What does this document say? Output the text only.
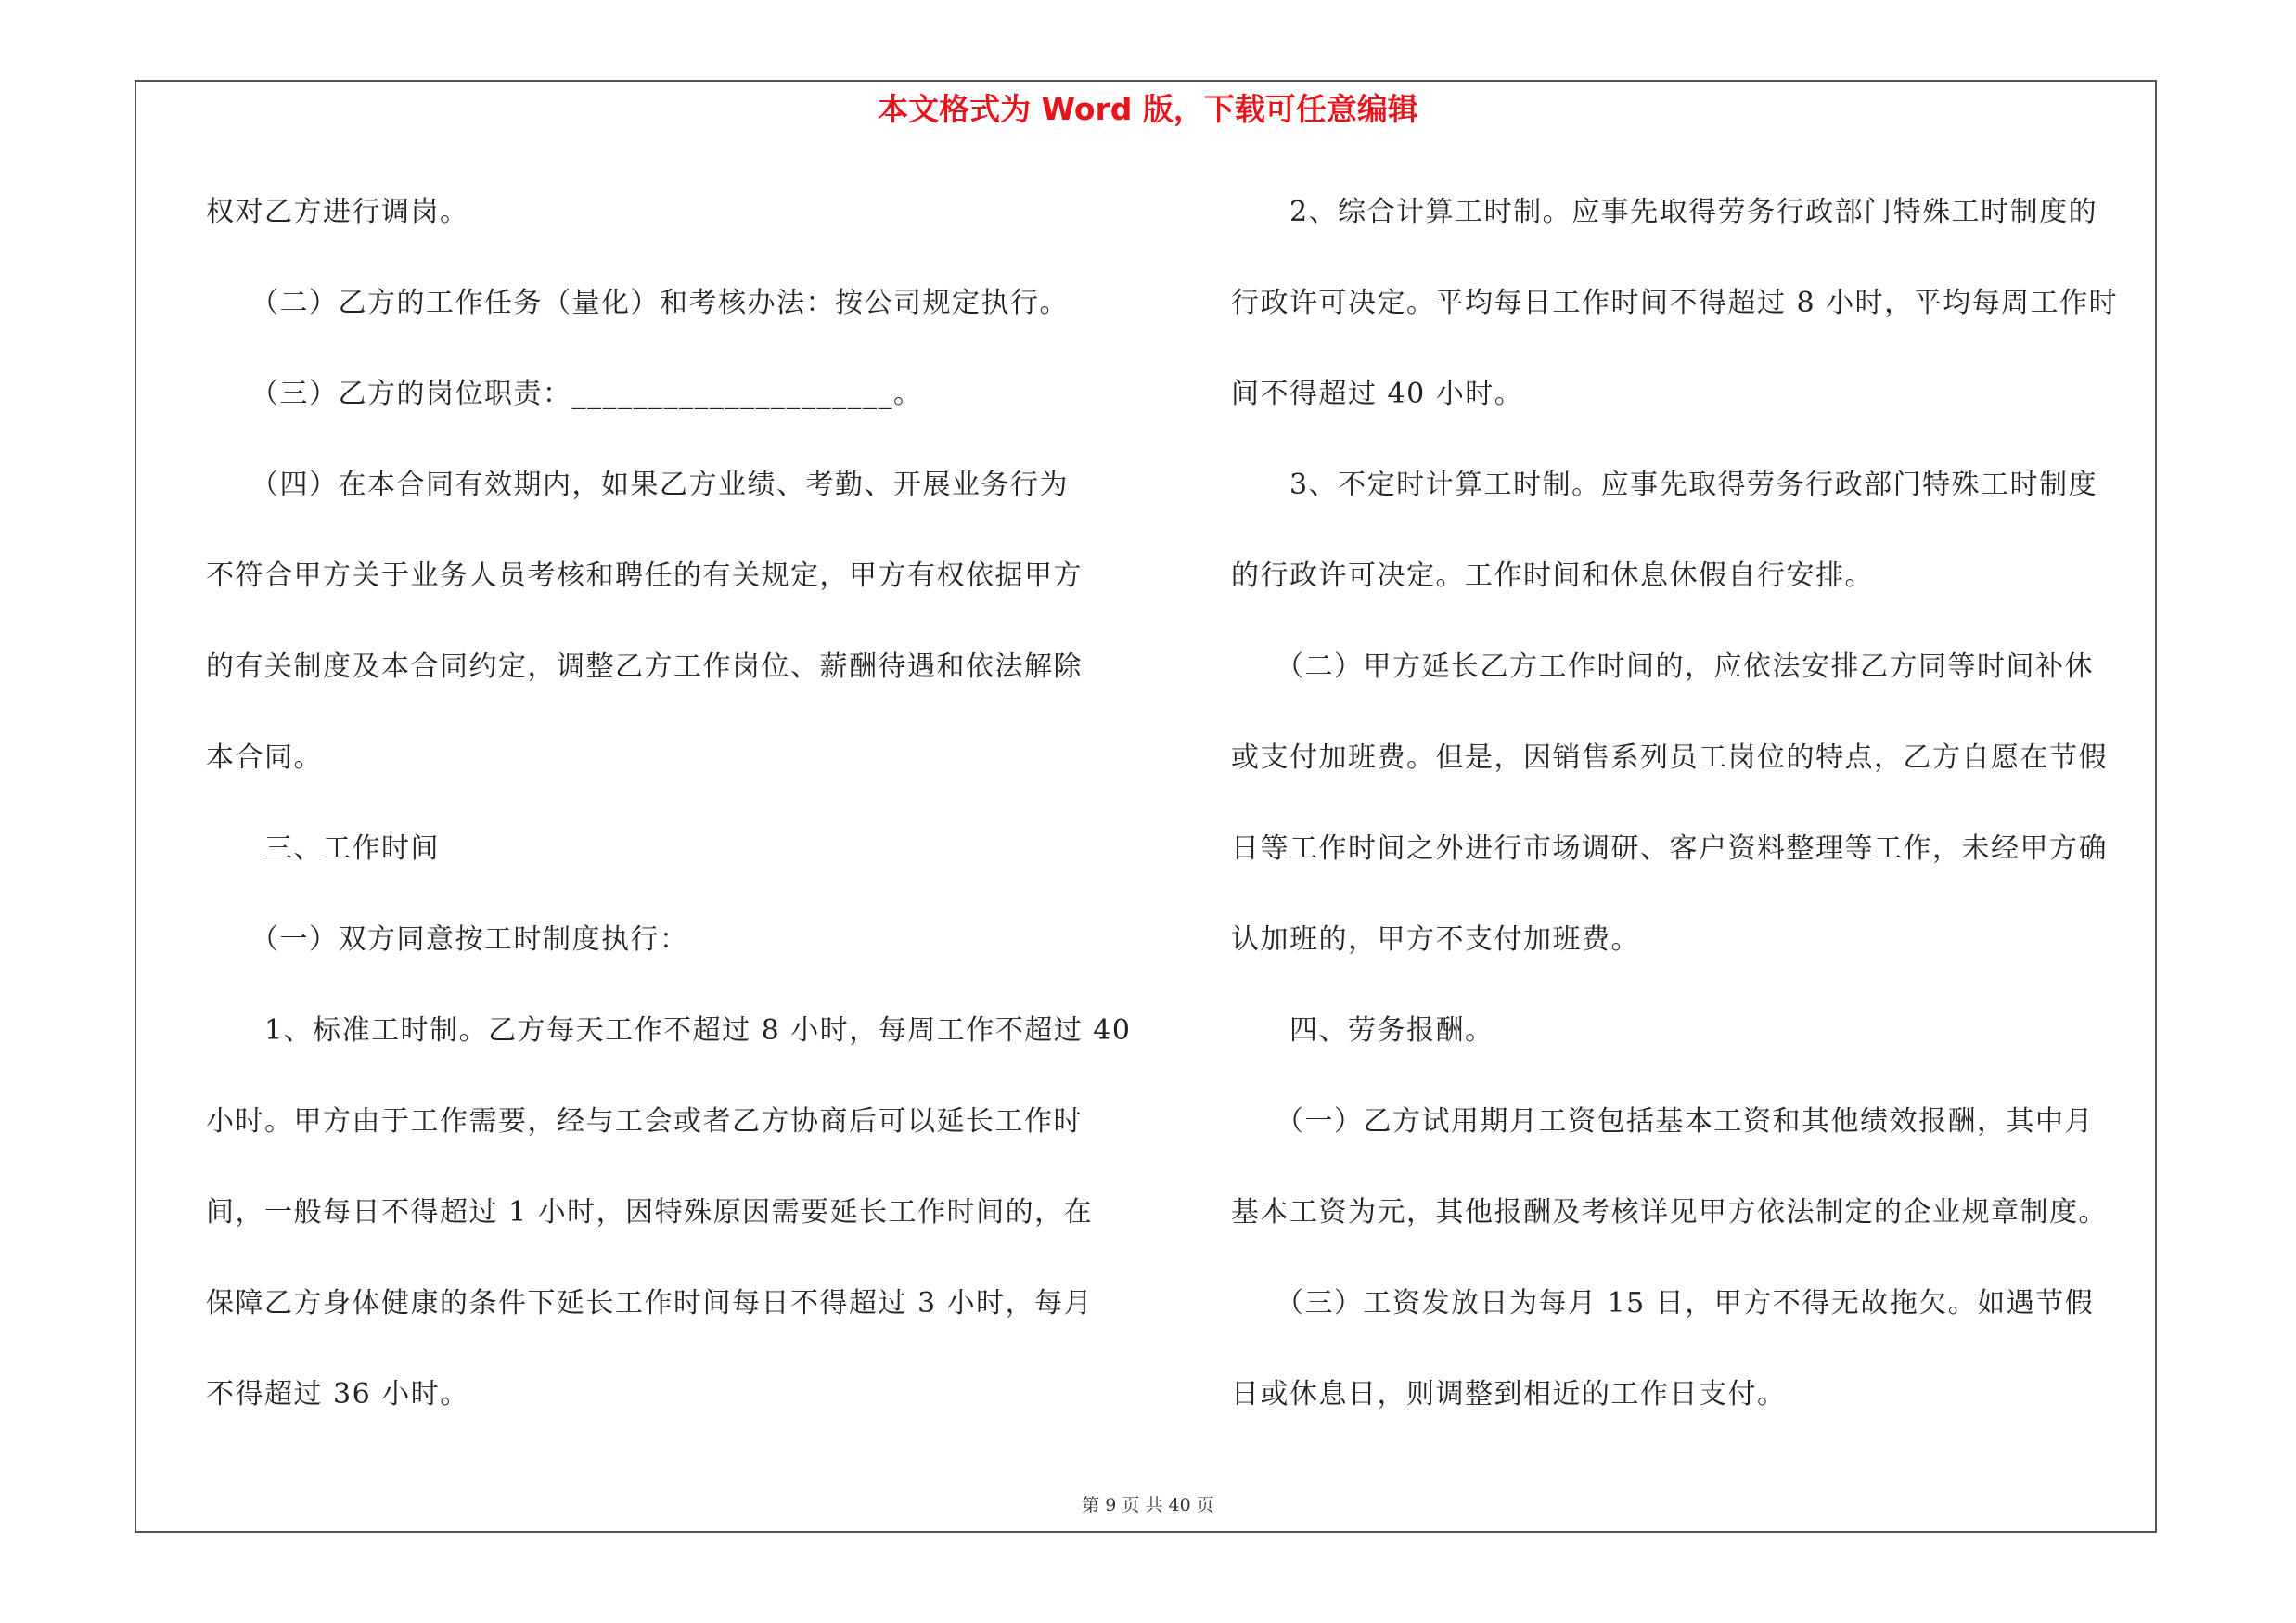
本文格式为 Word 版，下载可任意编辑
权对乙方进行调岗。
　　（二）乙方的工作任务（量化）和考核办法：按公司规定执行。
　　（三）乙方的岗位职责：_____________________。
　　（四）在本合同有效期内，如果乙方业绩、考勤、开展业务行为
不符合甲方关于业务人员考核和聘任的有关规定，甲方有权依据甲方
的有关制度及本合同约定，调整乙方工作岗位、薪酬待遇和依法解除
本合同。
　　三、工作时间
　　（一）双方同意按工时制度执行：
　　1、标准工时制。乙方每天工作不超过 8 小时，每周工作不超过 40
小时。甲方由于工作需要，经与工会或者乙方协商后可以延长工作时
间，一般每日不得超过 1 小时，因特殊原因需要延长工作时间的，在
保障乙方身体健康的条件下延长工作时间每日不得超过 3 小时，每月
不得超过 36 小时。
　　2、综合计算工时制。应事先取得劳务行政部门特殊工时制度的
行政许可决定。平均每日工作时间不得超过 8 小时，平均每周工作时
间不得超过 40 小时。
　　3、不定时计算工时制。应事先取得劳务行政部门特殊工时制度
的行政许可决定。工作时间和休息休假自行安排。
　　（二）甲方延长乙方工作时间的，应依法安排乙方同等时间补休
或支付加班费。但是，因销售系列员工岗位的特点，乙方自愿在节假
日等工作时间之外进行市场调研、客户资料整理等工作，未经甲方确
认加班的，甲方不支付加班费。
　　四、劳务报酬。
　　（一）乙方试用期月工资包括基本工资和其他绩效报酬，其中月
基本工资为元，其他报酬及考核详见甲方依法制定的企业规章制度。
　　（三）工资发放日为每月 15 日，甲方不得无故拖欠。如遇节假
日或休息日，则调整到相近的工作日支付。
第 9 页 共 40 页
